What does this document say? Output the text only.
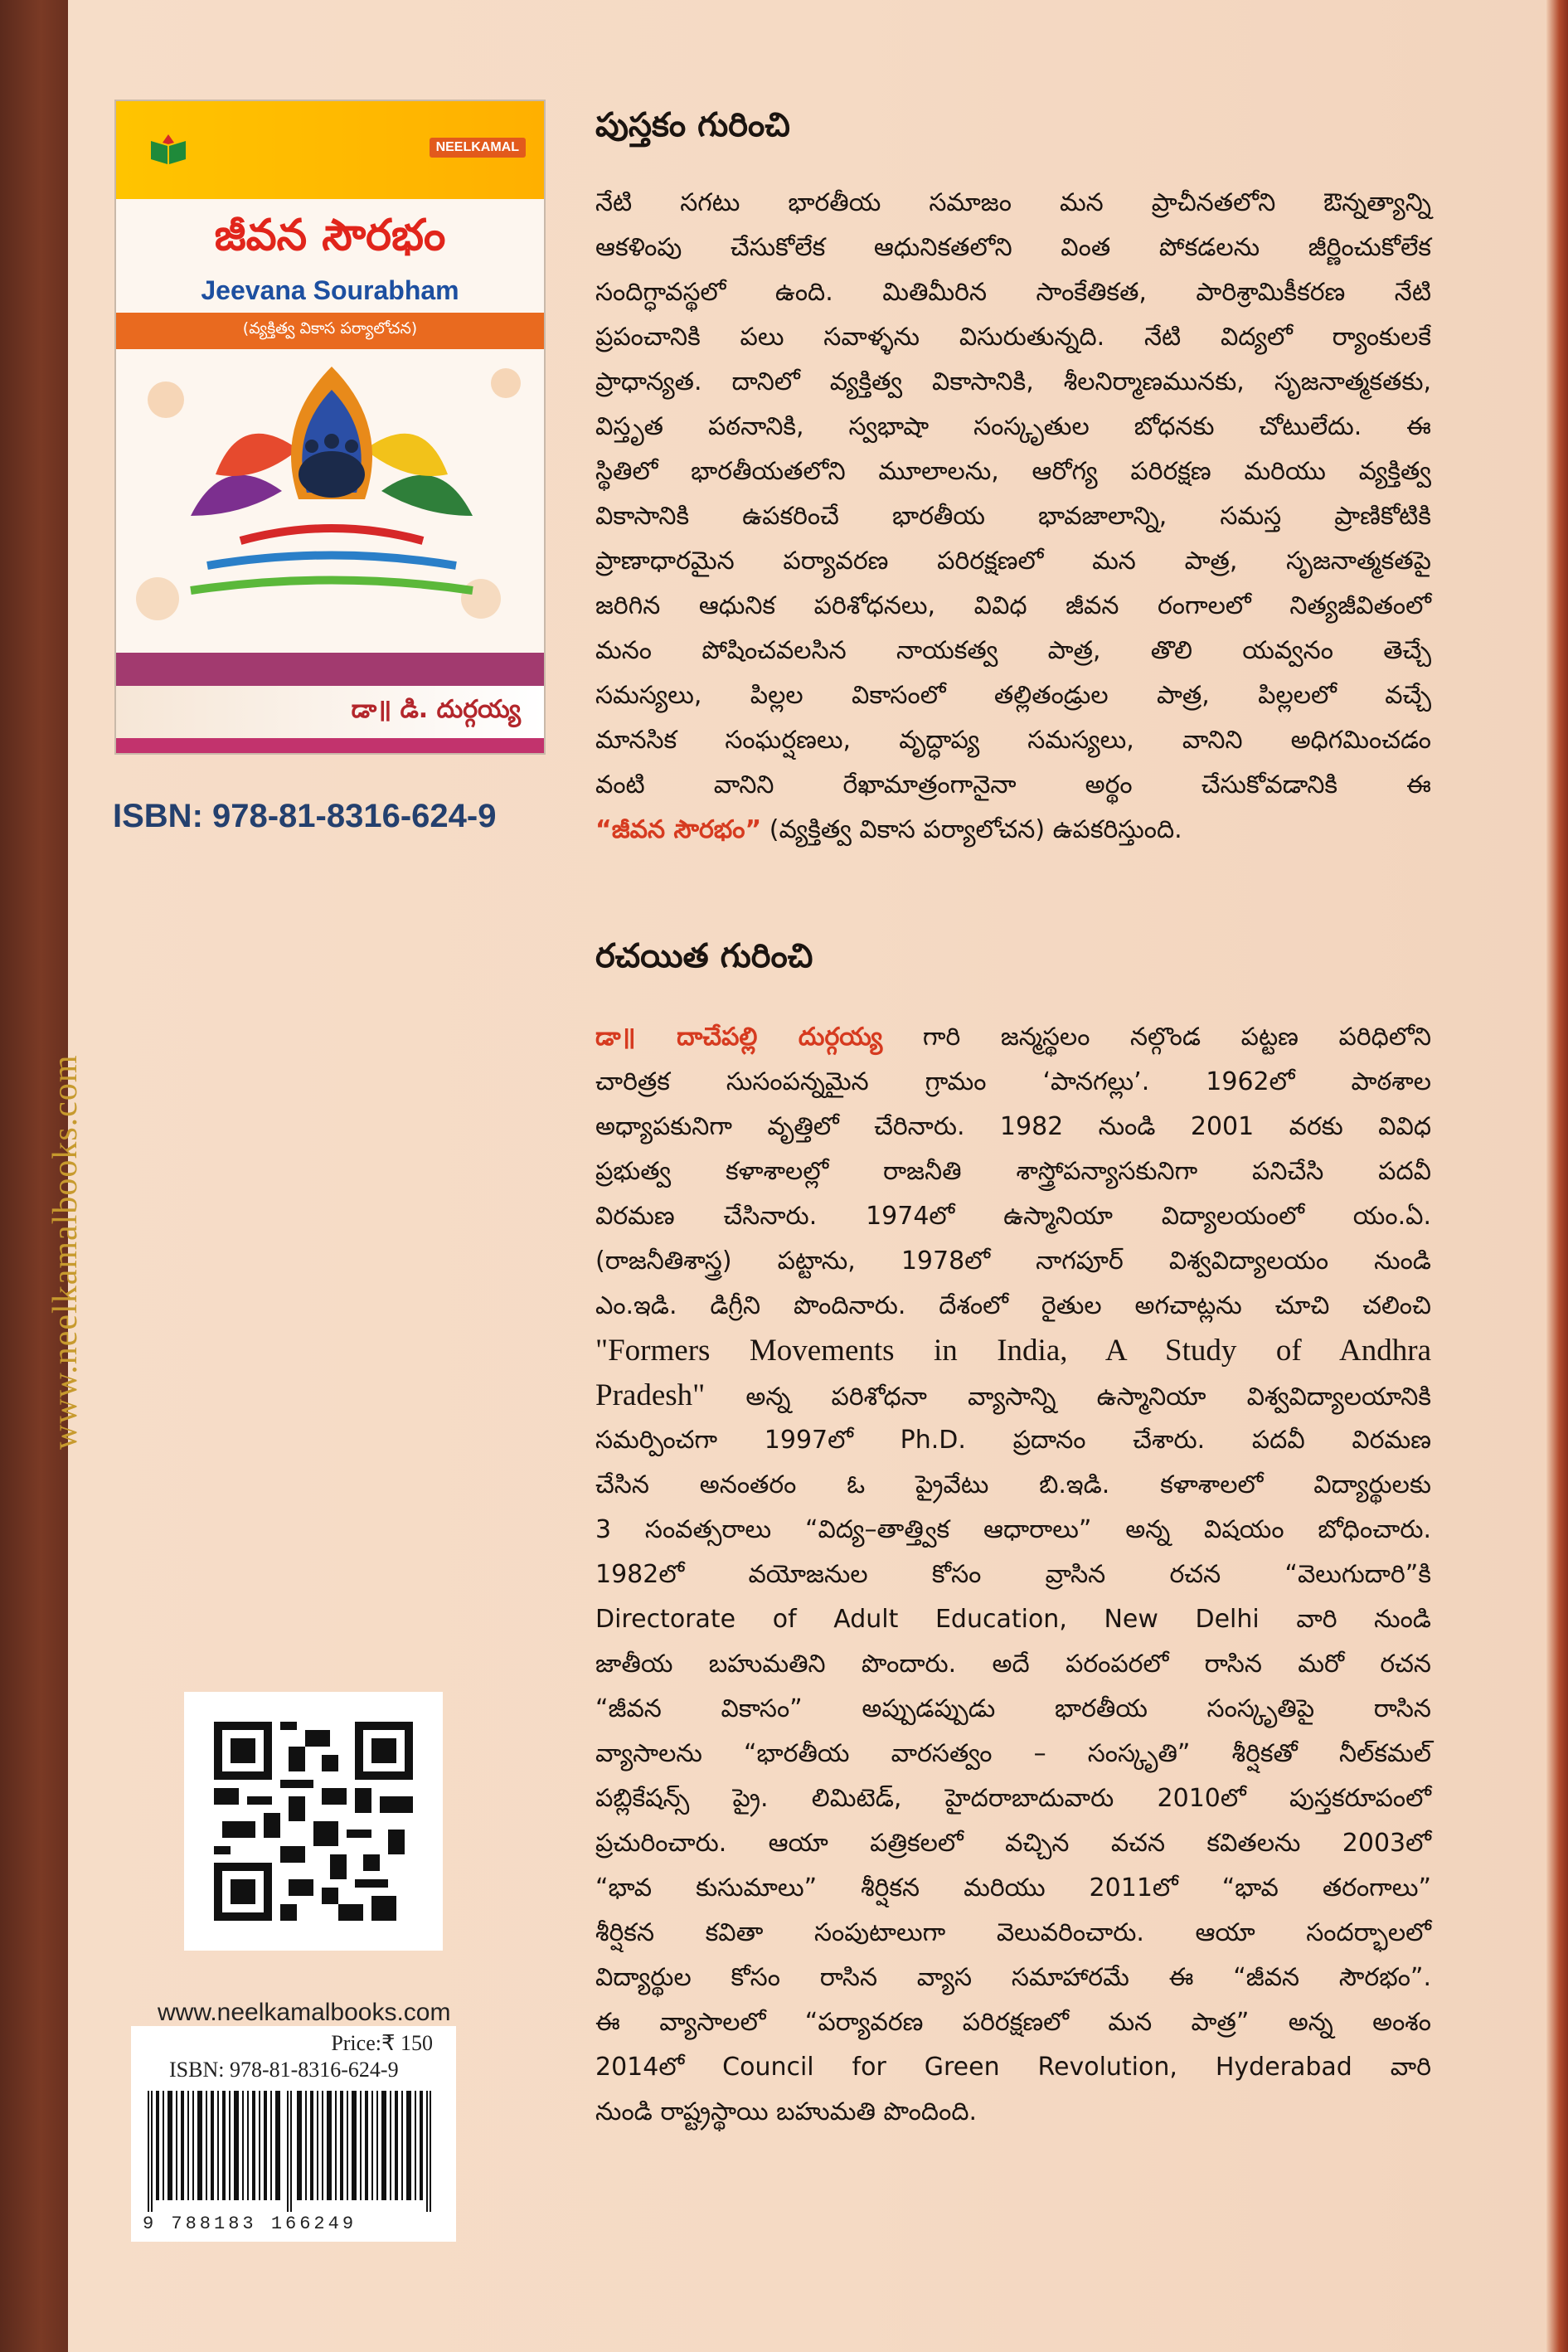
www.neelkamalbooks.com
NEELKAMAL
జీవన సౌరభం
Jeevana Sourabham
(వ్యక్తిత్వ వికాస పర్యాలోచన)
డా॥ డి. దుర్గయ్య
ISBN: 978-81-8316-624-9
పుస్తకం గురించి
నేటి సగటు భారతీయ సమాజం మన ప్రాచీనతలోని ఔన్నత్యాన్ని
ఆకళింపు చేసుకోలేక ఆధునికతలోని వింత పోకడలను జీర్ణించుకోలేక
సందిగ్ధావస్థలో ఉంది. మితిమీరిన సాంకేతికత, పారిశ్రామికీకరణ నేటి
ప్రపంచానికి పలు సవాళ్ళను విసురుతున్నది. నేటి విద్యలో ర్యాంకులకే
ప్రాధాన్యత. దానిలో వ్యక్తిత్వ వికాసానికి, శీలనిర్మాణమునకు, సృజనాత్మకతకు,
విస్తృత పఠనానికి, స్వభాషా సంస్కృతుల బోధనకు చోటులేదు. ఈ
స్థితిలో భారతీయతలోని మూలాలను, ఆరోగ్య పరిరక్షణ మరియు వ్యక్తిత్వ
వికాసానికి ఉపకరించే భారతీయ భావజాలాన్ని, సమస్త ప్రాణికోటికి
ప్రాణాధారమైన పర్యావరణ పరిరక్షణలో మన పాత్ర, సృజనాత్మకతపై
జరిగిన ఆధునిక పరిశోధనలు, వివిధ జీవన రంగాలలో నిత్యజీవితంలో
మనం పోషించవలసిన నాయకత్వ పాత్ర, తొలి యవ్వనం తెచ్చే
సమస్యలు, పిల్లల వికాసంలో తల్లితండ్రుల పాత్ర, పిల్లలలో వచ్చే
మానసిక సంఘర్షణలు, వృద్ధాప్య సమస్యలు, వానిని అధిగమించడం
వంటి వానిని రేఖామాత్రంగానైనా అర్థం చేసుకోవడానికి ఈ
“జీవన సౌరభం” (వ్యక్తిత్వ వికాస పర్యాలోచన) ఉపకరిస్తుంది.
రచయిత గురించి
డా॥ దాచేపల్లి దుర్గయ్య గారి జన్మస్థలం నల్గొండ పట్టణ పరిధిలోని
చారిత్రక సుసంపన్నమైన గ్రామం ‘పానగల్లు’. 1962లో పాఠశాల
అధ్యాపకునిగా వృత్తిలో చేరినారు. 1982 నుండి 2001 వరకు వివిధ
ప్రభుత్వ కళాశాలల్లో రాజనీతి శాస్త్రోపన్యాసకునిగా పనిచేసి పదవీ
విరమణ చేసినారు. 1974లో ఉస్మానియా విద్యాలయంలో యం.ఏ.
(రాజనీతిశాస్త్ర) పట్టాను, 1978లో నాగపూర్ విశ్వవిద్యాలయం నుండి
ఎం.ఇడి. డిగ్రీని పొందినారు. దేశంలో రైతుల అగచాట్లను చూచి చలించి
"Formers Movements in India, A Study of Andhra
Pradesh" అన్న పరిశోధనా వ్యాసాన్ని ఉస్మానియా విశ్వవిద్యాలయానికి
సమర్పించగా 1997లో Ph.D. ప్రదానం చేశారు. పదవీ విరమణ
చేసిన అనంతరం ఓ ప్రైవేటు బి.ఇడి. కళాశాలలో విద్యార్థులకు
3 సంవత్సరాలు “విద్య–తాత్త్విక ఆధారాలు” అన్న విషయం బోధించారు.
1982లో వయోజనుల కోసం వ్రాసిన రచన “వెలుగుదారి”కి
Directorate of Adult Education, New Delhi వారి నుండి
జాతీయ బహుమతిని పొందారు. అదే పరంపరలో రాసిన మరో రచన
“జీవన వికాసం” అప్పుడప్పుడు భారతీయ సంస్కృతిపై రాసిన
వ్యాసాలను “భారతీయ వారసత్వం – సంస్కృతి” శీర్షికతో నీల్‌కమల్
పబ్లికేషన్స్ ప్రై. లిమిటెడ్, హైదరాబాదువారు 2010లో పుస్తకరూపంలో
ప్రచురించారు. ఆయా పత్రికలలో వచ్చిన వచన కవితలను 2003లో
“భావ కుసుమాలు” శీర్షికన మరియు 2011లో “భావ తరంగాలు”
శీర్షికన కవితా సంపుటాలుగా వెలువరించారు. ఆయా సందర్భాలలో
విద్యార్థుల కోసం రాసిన వ్యాస సమాహారమే ఈ “జీవన సౌరభం”.
ఈ వ్యాసాలలో “పర్యావరణ పరిరక్షణలో మన పాత్ర” అన్న అంశం
2014లో Council for Green Revolution, Hyderabad వారి
నుండి రాష్ట్రస్థాయి బహుమతి పొందింది.
www.neelkamalbooks.com
Price:₹ 150
ISBN: 978-81-8316-624-9
9 788183 166249
